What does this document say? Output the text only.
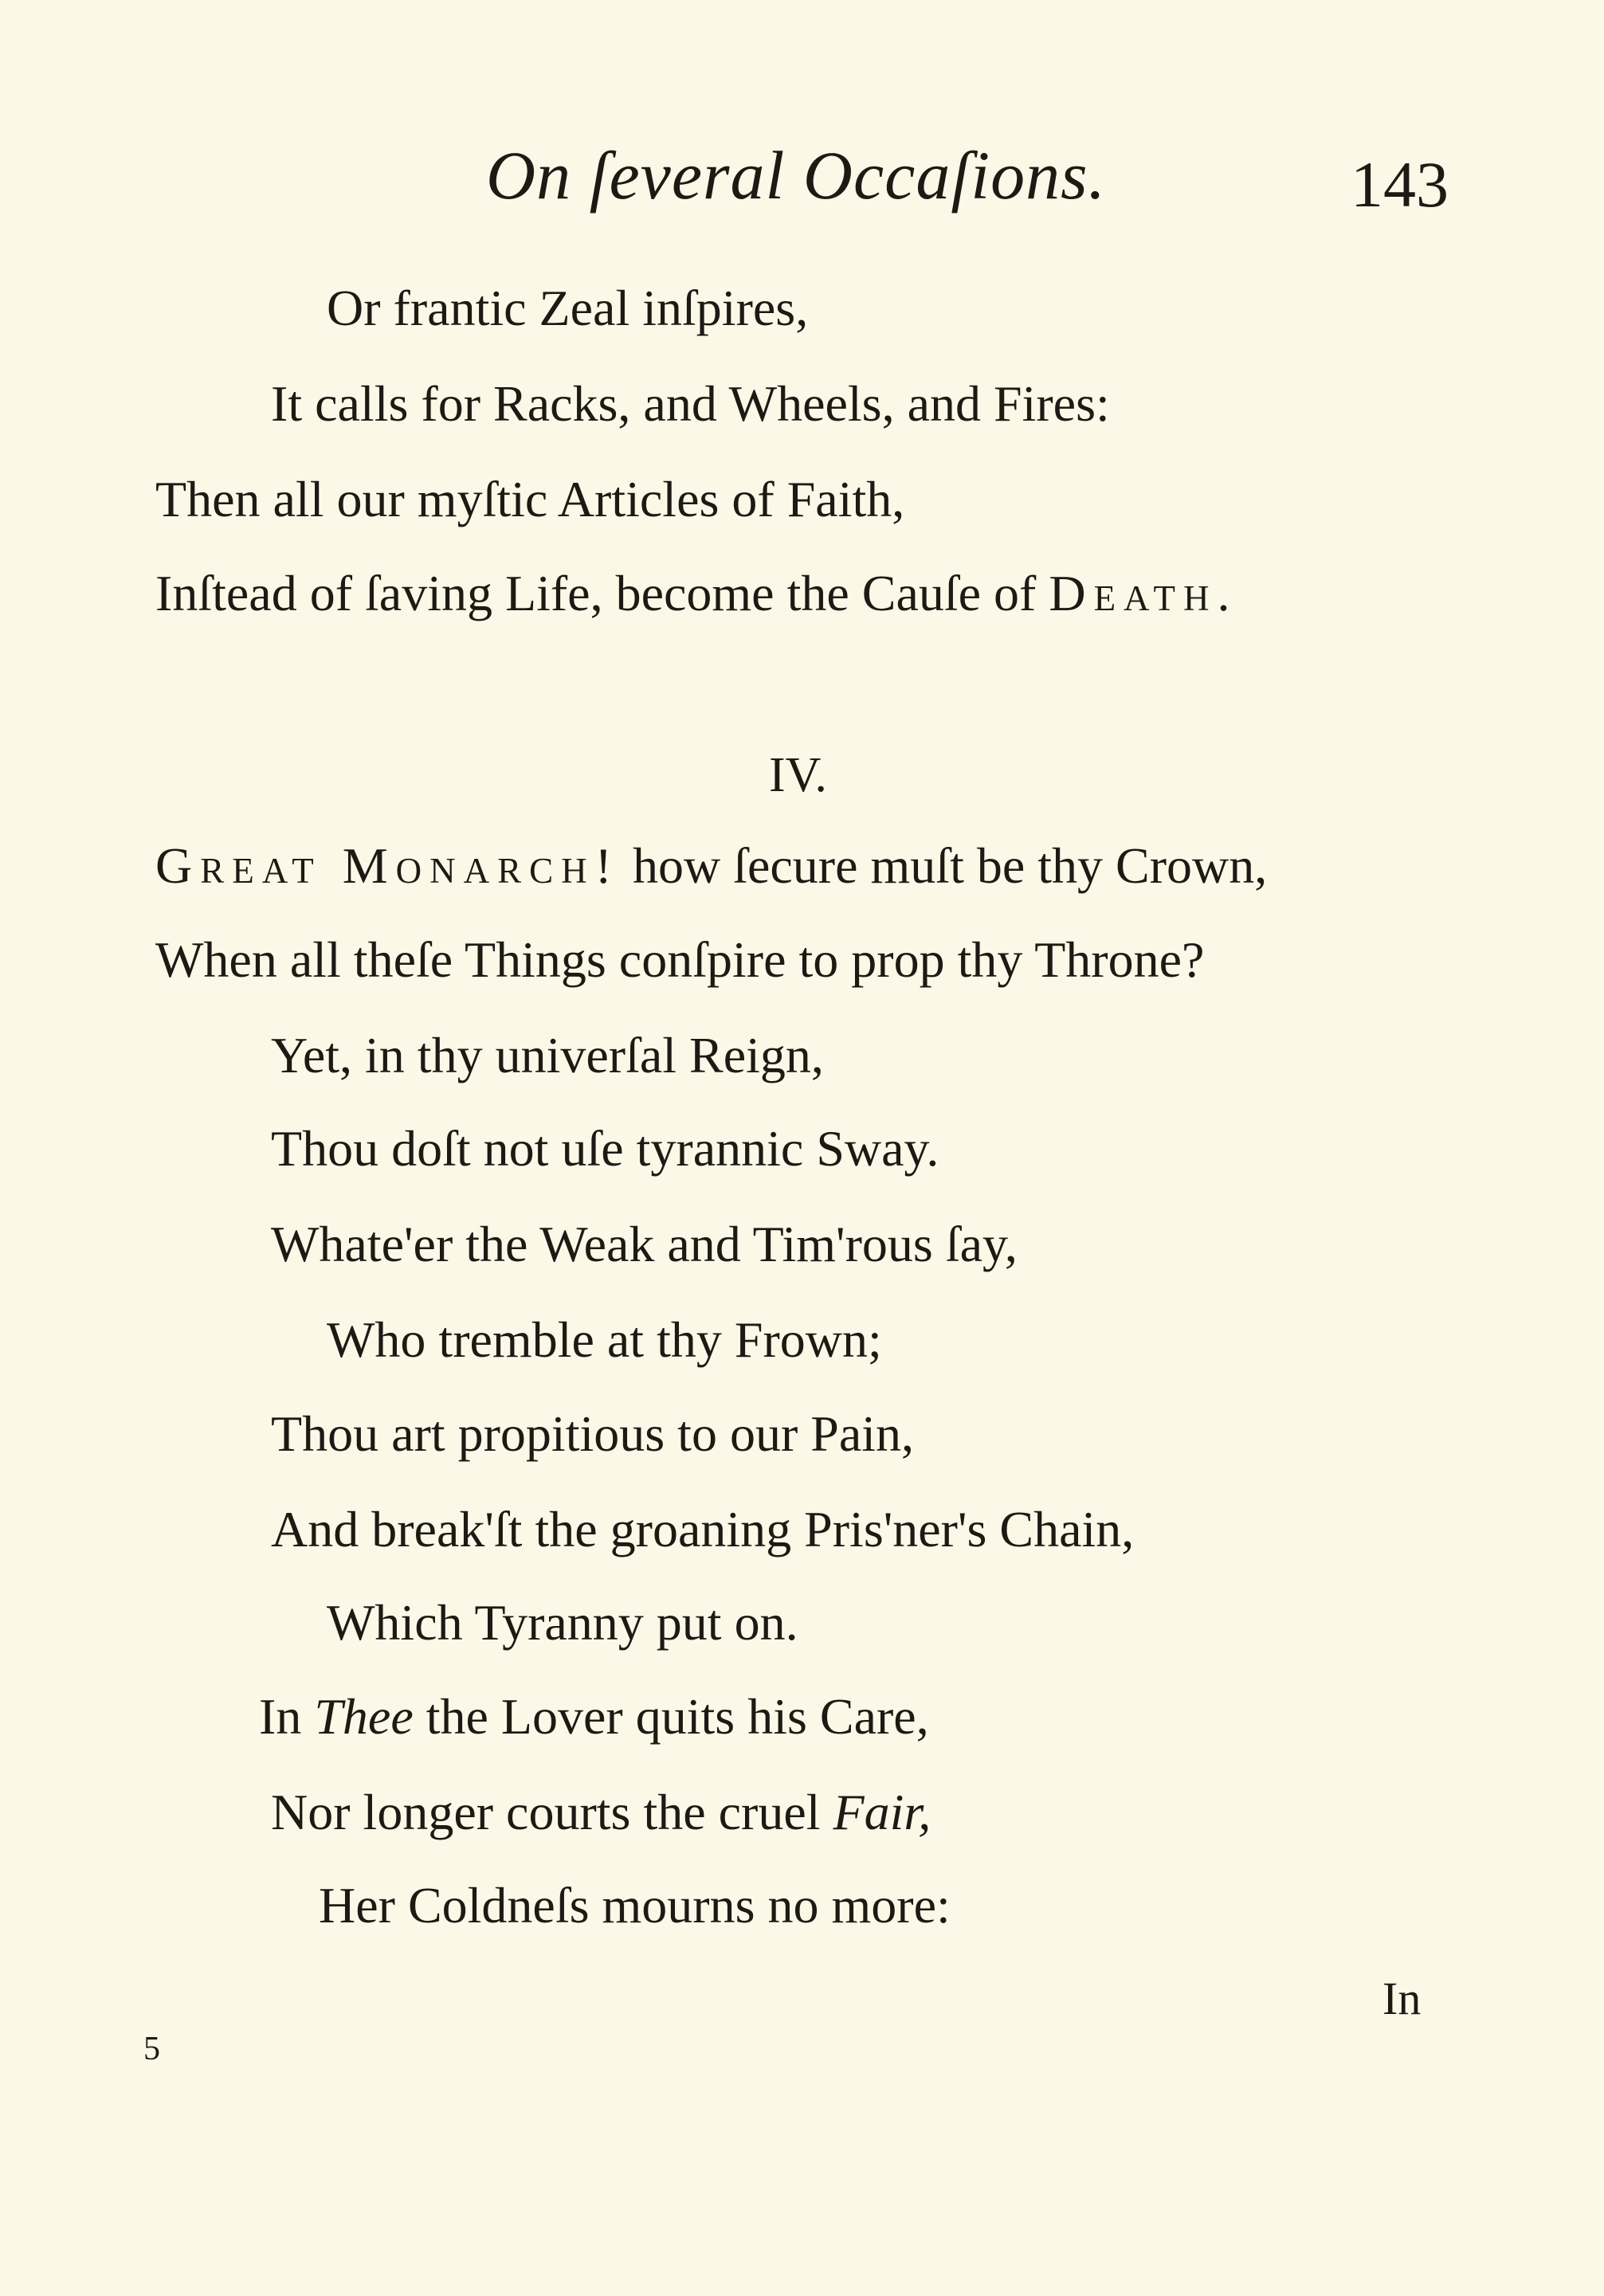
On ſeveral Occaſions.	143
Or frantic Zeal inſpires,
It calls for Racks, and Wheels, and Fires:
Then all our myſtic Articles of Faith,
Inſtead of ſaving Life, become the Cauſe of Death.
IV.
Great Monarch! how ſecure muſt be thy Crown,
When all theſe Things conſpire to prop thy Throne?
Yet, in thy univerſal Reign,
Thou doſt not uſe tyrannic Sway.
Whate'er the Weak and Tim'rous ſay,
Who tremble at thy Frown;
Thou art propitious to our Pain,
And break'ſt the groaning Pris'ner's Chain,
Which Tyranny put on.
In Thee the Lover quits his Care,
Nor longer courts the cruel Fair,
Her Coldneſs mourns no more:
In
5
